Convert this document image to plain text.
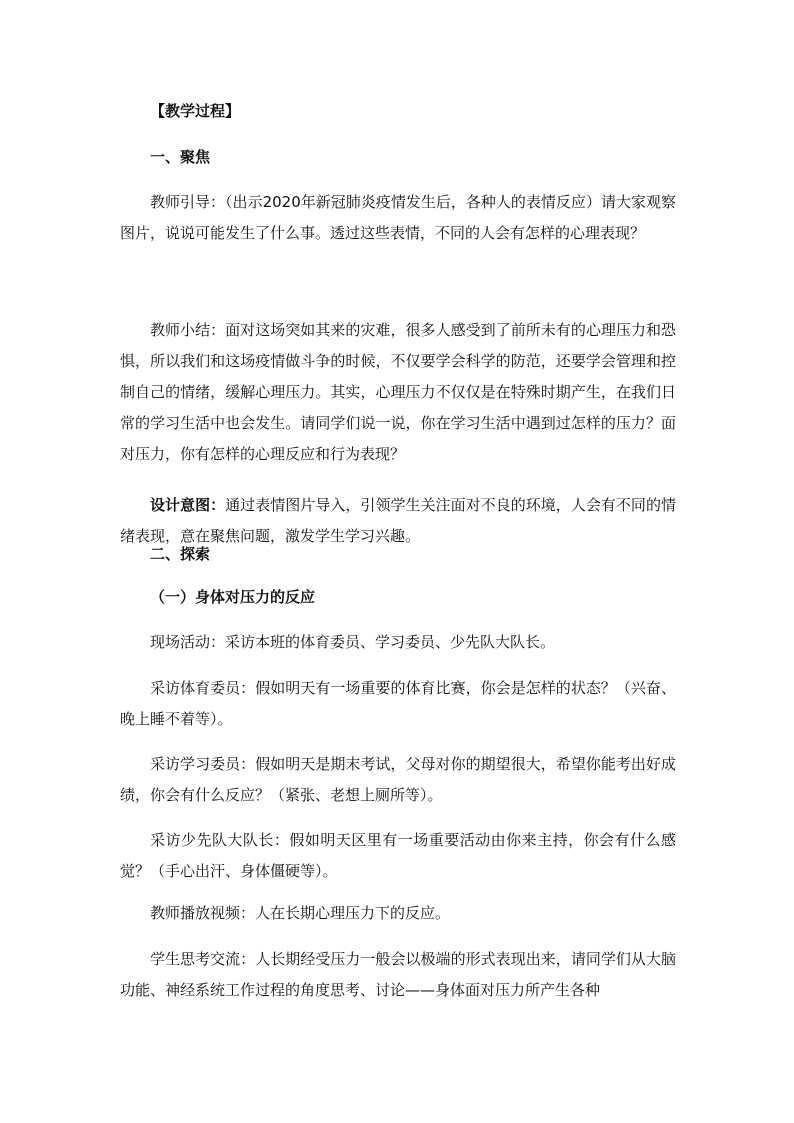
【教学过程】

一、聚焦

教师引导：（出示2020年新冠肺炎疫情发生后，各种人的表情反应）请大家观察图片，说说可能发生了什么事。透过这些表情，不同的人会有怎样的心理表现？

教师小结：面对这场突如其来的灾难，很多人感受到了前所未有的心理压力和恐惧，所以我们和这场疫情做斗争的时候，不仅要学会科学的防范，还要学会管理和控制自己的情绪，缓解心理压力。其实，心理压力不仅仅是在特殊时期产生，在我们日常的学习生活中也会发生。请同学们说一说，你在学习生活中遇到过怎样的压力？面对压力，你有怎样的心理反应和行为表现？

设计意图：通过表情图片导入，引领学生关注面对不良的环境，人会有不同的情绪表现，意在聚焦问题，激发学生学习兴趣。

二、探索

（一）身体对压力的反应

现场活动：采访本班的体育委员、学习委员、少先队大队长。

采访体育委员：假如明天有一场重要的体育比赛，你会是怎样的状态？（兴奋、晚上睡不着等）。

采访学习委员：假如明天是期末考试，父母对你的期望很大，希望你能考出好成绩，你会有什么反应？（紧张、老想上厕所等）。

采访少先队大队长：假如明天区里有一场重要活动由你来主持，你会有什么感觉？（手心出汗、身体僵硬等）。

教师播放视频：人在长期心理压力下的反应。

学生思考交流：人长期经受压力一般会以极端的形式表现出来，请同学们从大脑功能、神经系统工作过程的角度思考、讨论——身体面对压力所产生各种
